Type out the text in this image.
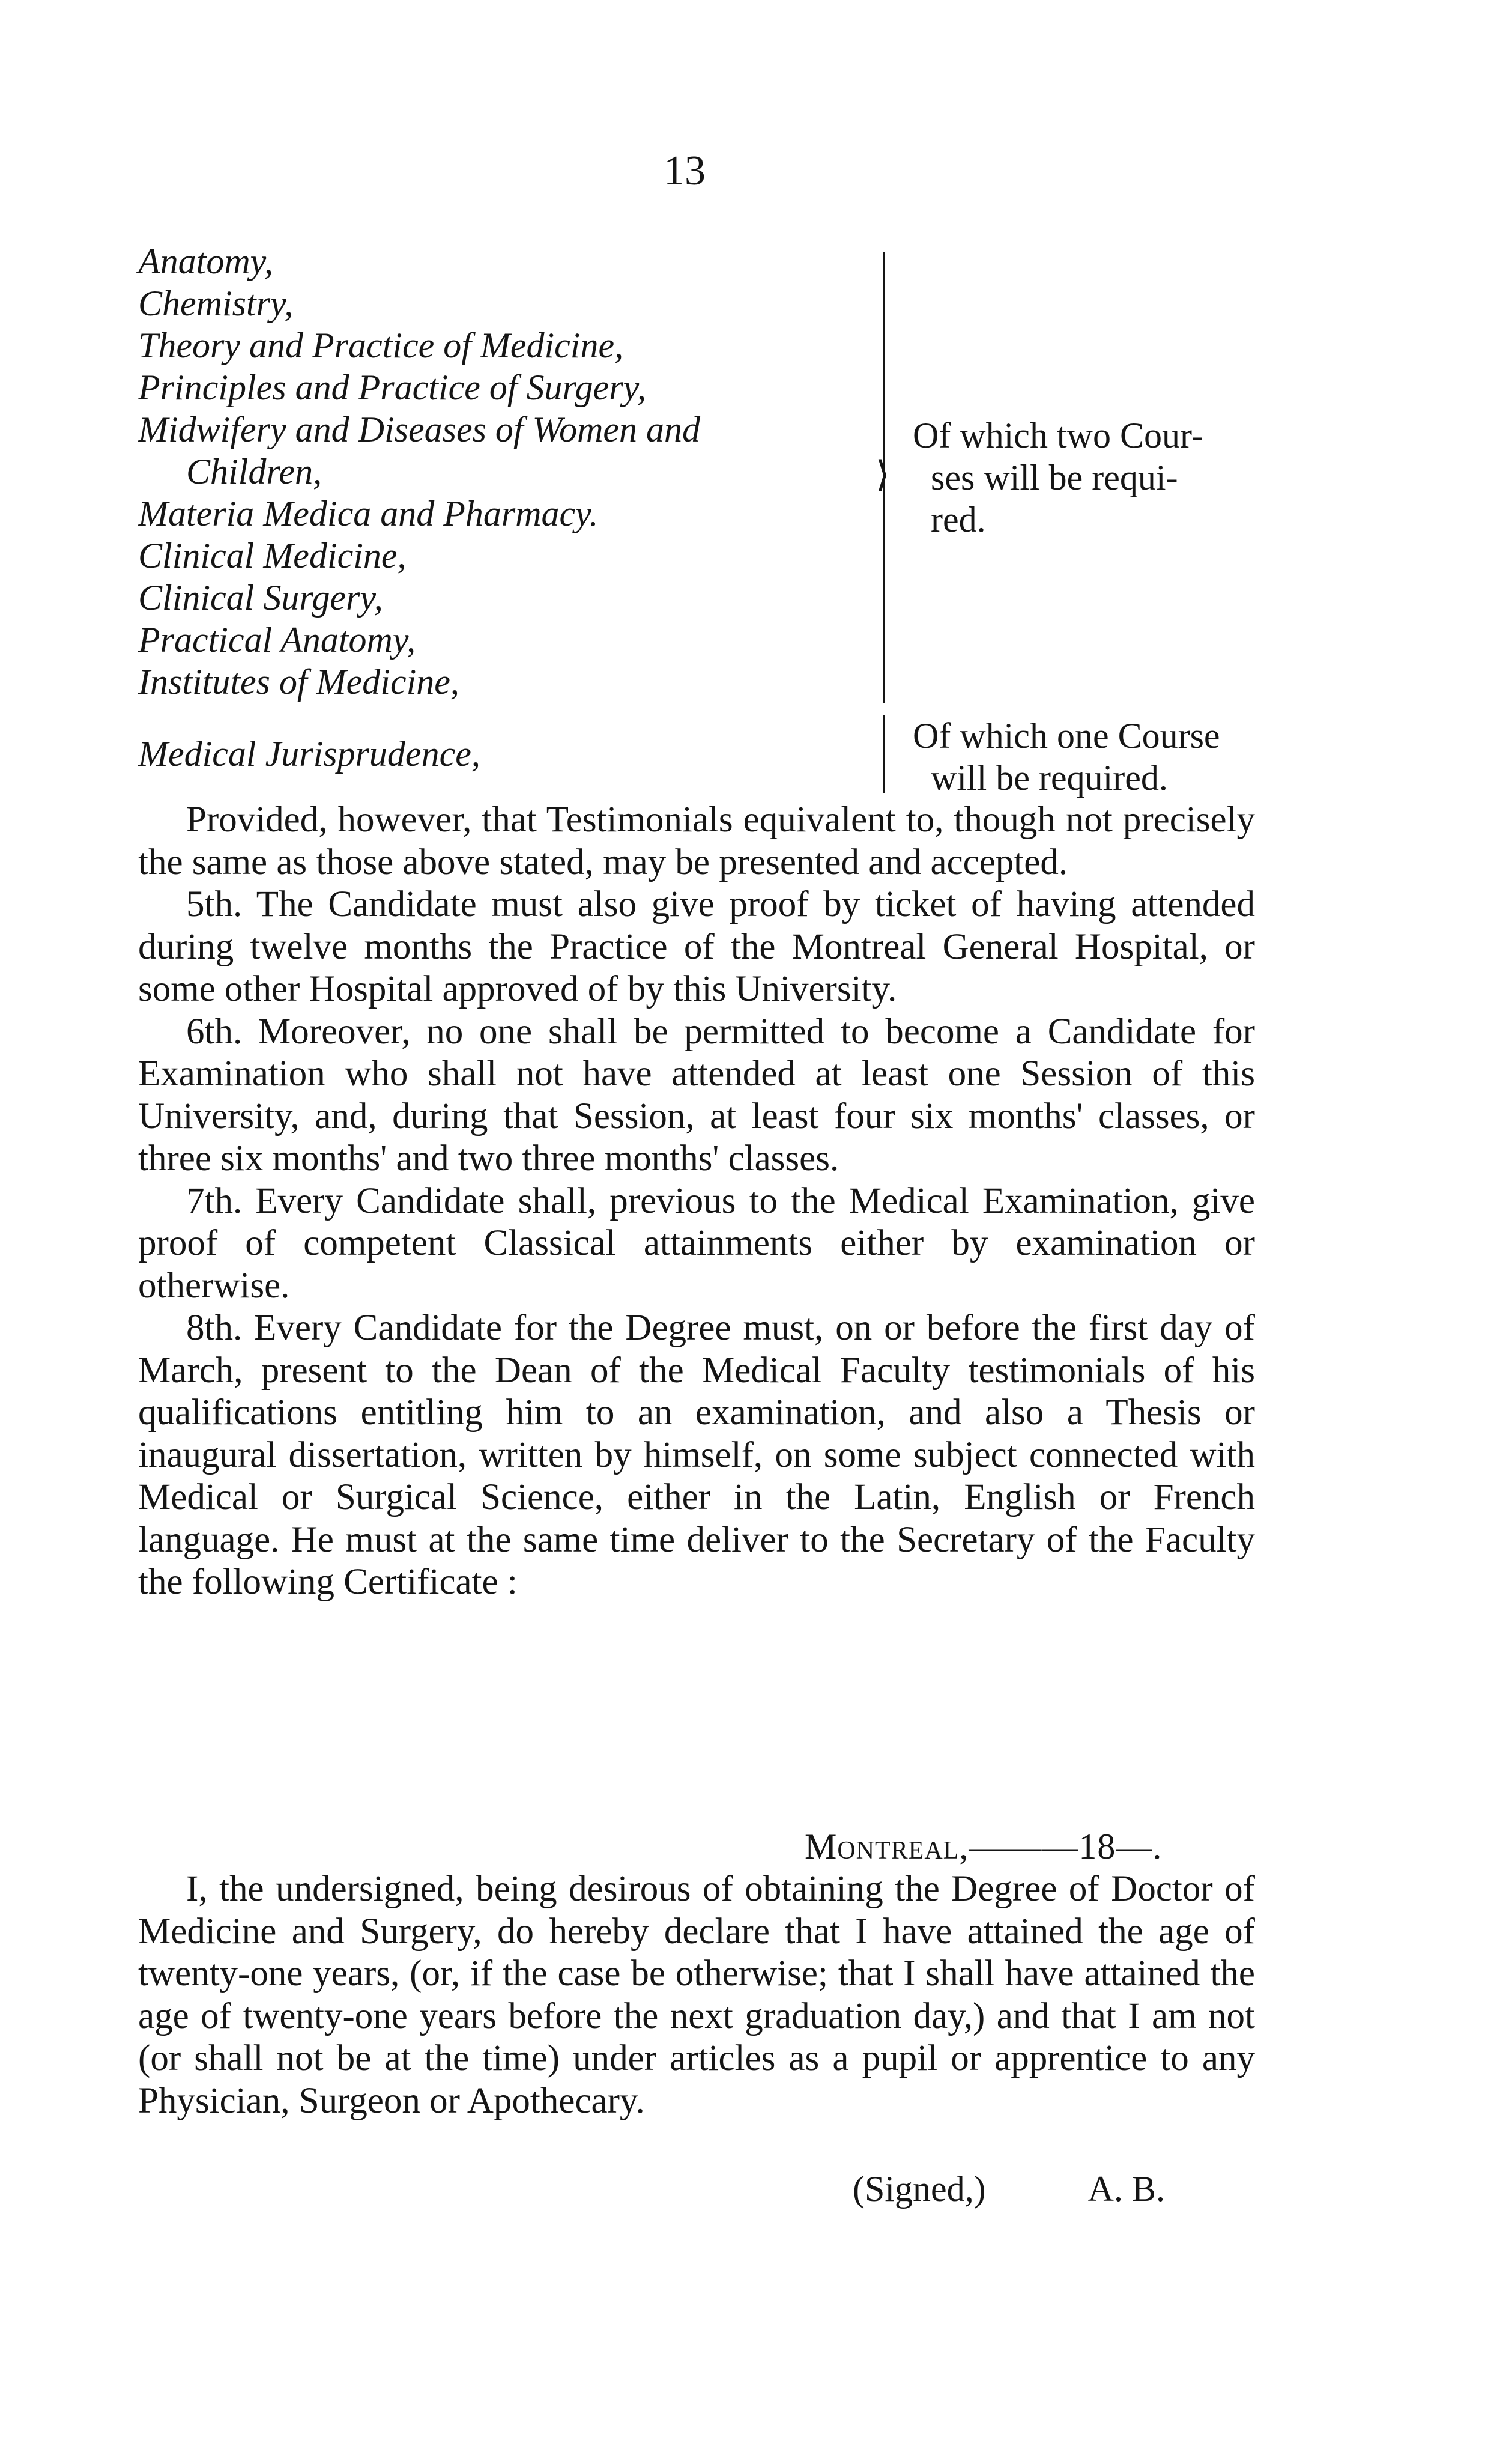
13
Anatomy,
Chemistry,
Theory and Practice of Medicine,
Principles and Practice of Surgery,
Midwifery and Diseases of Women and
Children,
Materia Medica and Pharmacy.
Clinical Medicine,
Clinical Surgery,
Practical Anatomy,
Institutes of Medicine,
⟩
Of which two Cour-
ses will be requi-
red.
Medical Jurisprudence,	Of which one Course
will be required.

Provided, however, that Testimonials equivalent to, though not precisely the same as those above stated, may be presented and accepted.

5th. The Candidate must also give proof by ticket of having attended during twelve months the Practice of the Montreal General Hospital, or some other Hospital approved of by this University.

6th. Moreover, no one shall be permitted to become a Candidate for Examination who shall not have attended at least one Session of this University, and, during that Session, at least four six months' classes, or three six months' and two three months' classes.

7th. Every Candidate shall, previous to the Medical Examination, give proof of competent Classical attainments either by examination or otherwise.

8th. Every Candidate for the Degree must, on or before the first day of March, present to the Dean of the Medical Faculty testimonials of his qualifications entitling him to an examination, and also a Thesis or inaugural dissertation, written by himself, on some subject connected with Medical or Surgical Science, either in the Latin, English or French language. He must at the same time deliver to the Secretary of the Faculty the following Certificate :

Montreal,———18—.
I, the undersigned, being desirous of obtaining the Degree of Doctor of Medicine and Surgery, do hereby declare that I have attained the age of twenty-one years, (or, if the case be otherwise; that I shall have attained the age of twenty-one years before the next graduation day,) and that I am not (or shall not be at the time) under articles as a pupil or apprentice to any Physician, Surgeon or Apothecary.
(Signed,)	A. B.
